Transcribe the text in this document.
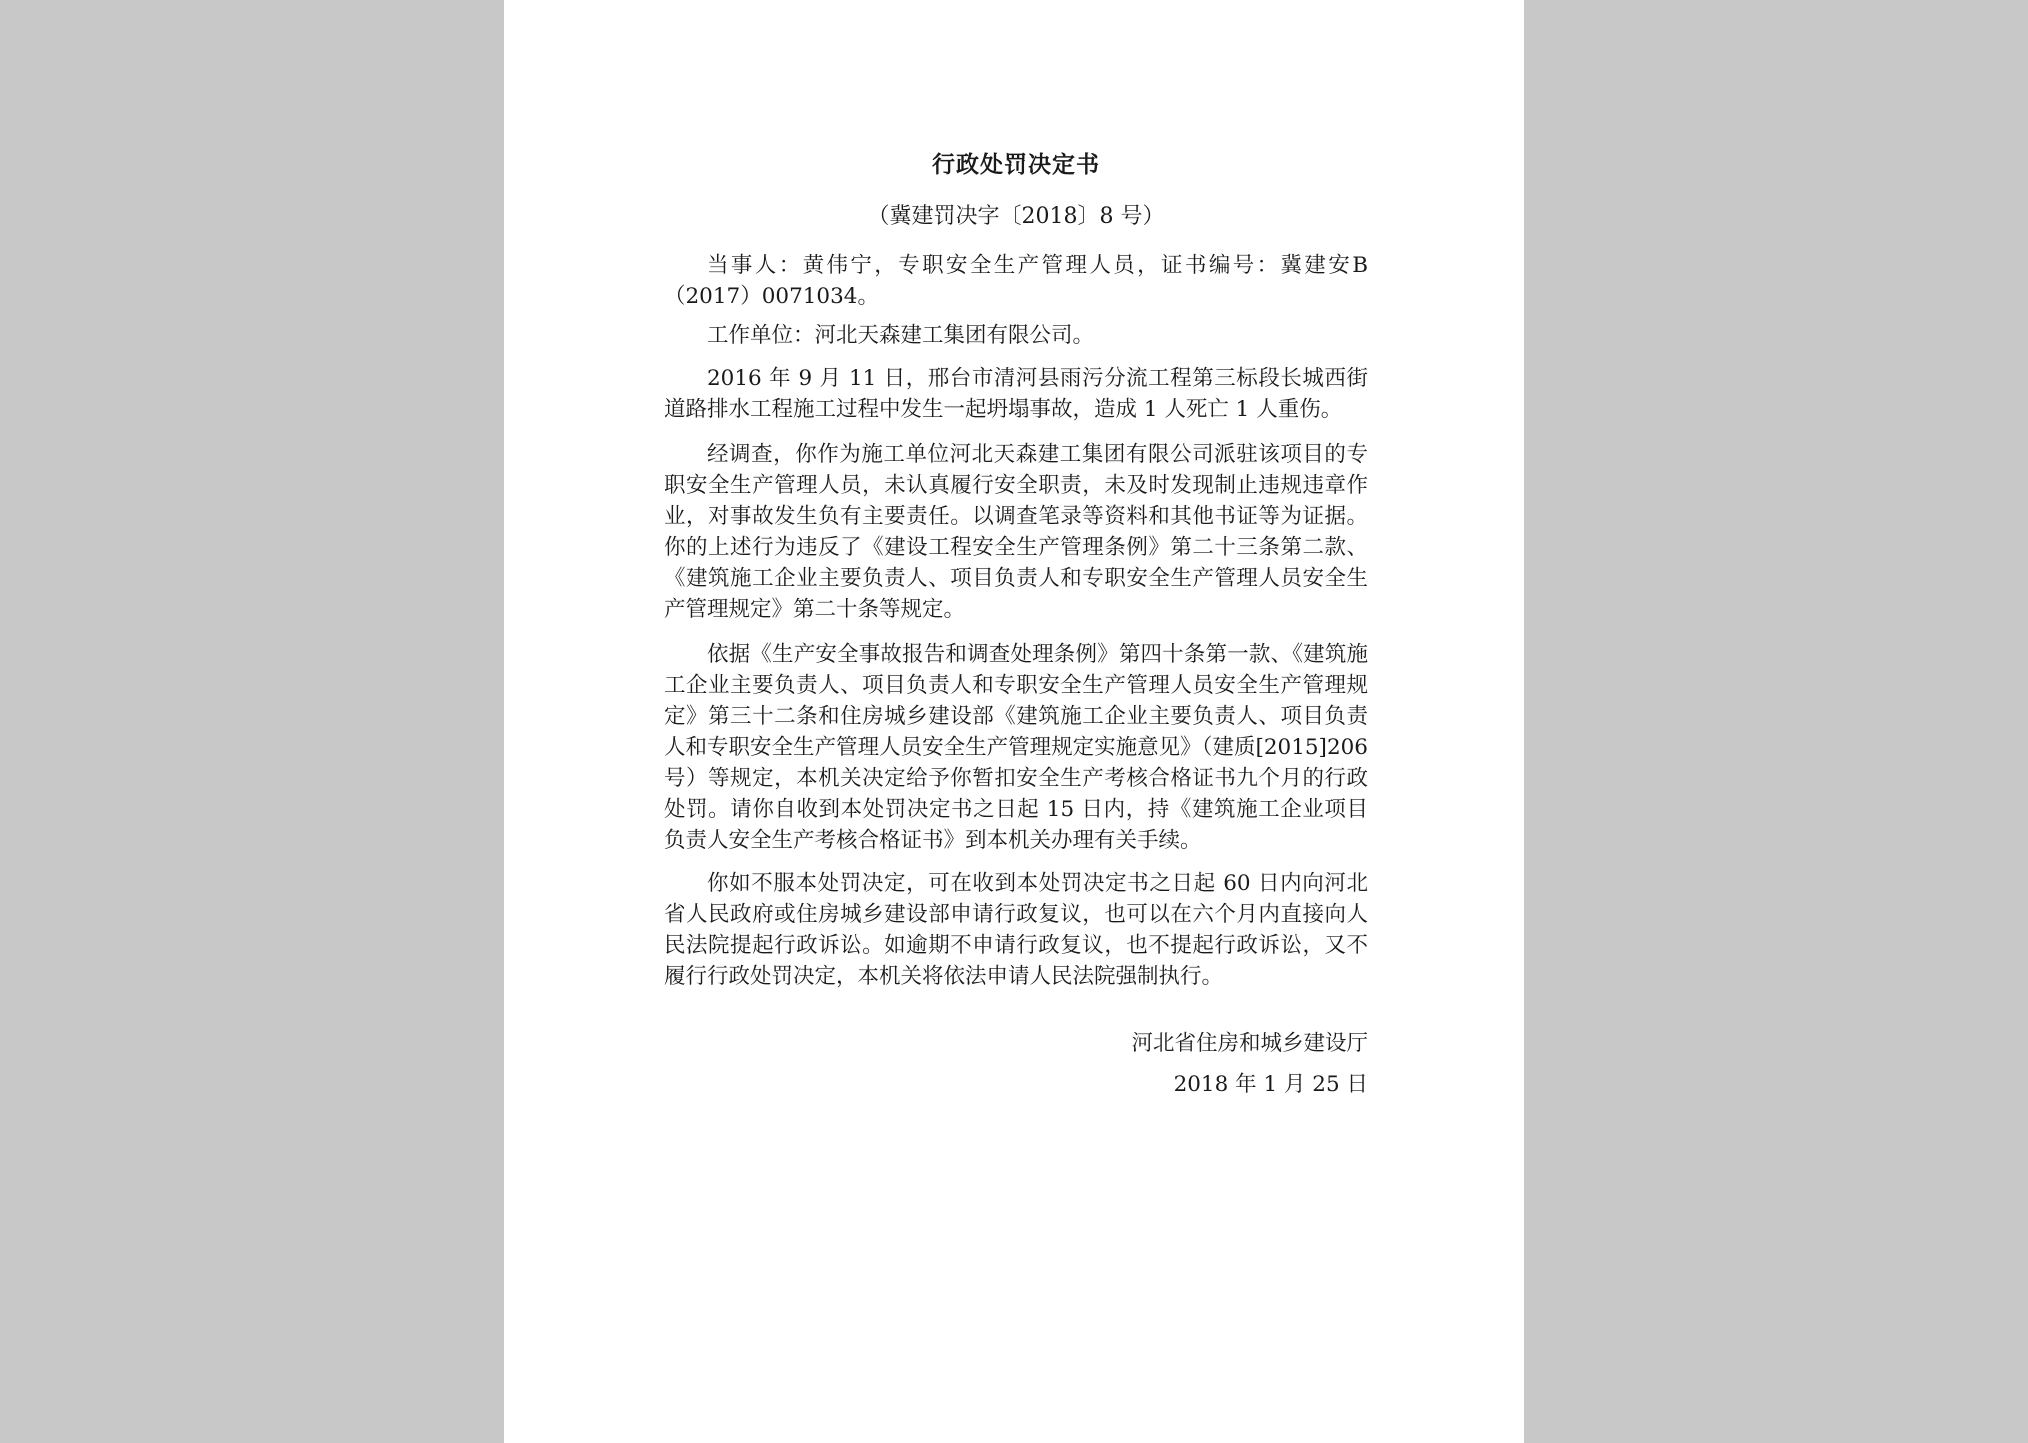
行政处罚决定书
（冀建罚决字〔2018〕8 号）

当事人：黄伟宁，专职安全生产管理人员，证书编号：冀建安B（2017）0071034。

工作单位：河北天森建工集团有限公司。

2016 年 9 月 11 日，邢台市清河县雨污分流工程第三标段长城西街道路排水工程施工过程中发生一起坍塌事故，造成 1 人死亡 1 人重伤。

经调查，你作为施工单位河北天森建工集团有限公司派驻该项目的专职安全生产管理人员，未认真履行安全职责，未及时发现制止违规违章作业，对事故发生负有主要责任。以调查笔录等资料和其他书证等为证据。你的上述行为违反了《建设工程安全生产管理条例》第二十三条第二款、《建筑施工企业主要负责人、项目负责人和专职安全生产管理人员安全生产管理规定》第二十条等规定。

依据《生产安全事故报告和调查处理条例》第四十条第一款、《建筑施工企业主要负责人、项目负责人和专职安全生产管理人员安全生产管理规定》第三十二条和住房城乡建设部《建筑施工企业主要负责人、项目负责人和专职安全生产管理人员安全生产管理规定实施意见》（建质[2015]206 号）等规定，本机关决定给予你暂扣安全生产考核合格证书九个月的行政处罚。请你自收到本处罚决定书之日起 15 日内，持《建筑施工企业项目负责人安全生产考核合格证书》到本机关办理有关手续。

你如不服本处罚决定，可在收到本处罚决定书之日起 60 日内向河北省人民政府或住房城乡建设部申请行政复议，也可以在六个月内直接向人民法院提起行政诉讼。如逾期不申请行政复议，也不提起行政诉讼，又不履行行政处罚决定，本机关将依法申请人民法院强制执行。

河北省住房和城乡建设厅

2018 年 1 月 25 日
